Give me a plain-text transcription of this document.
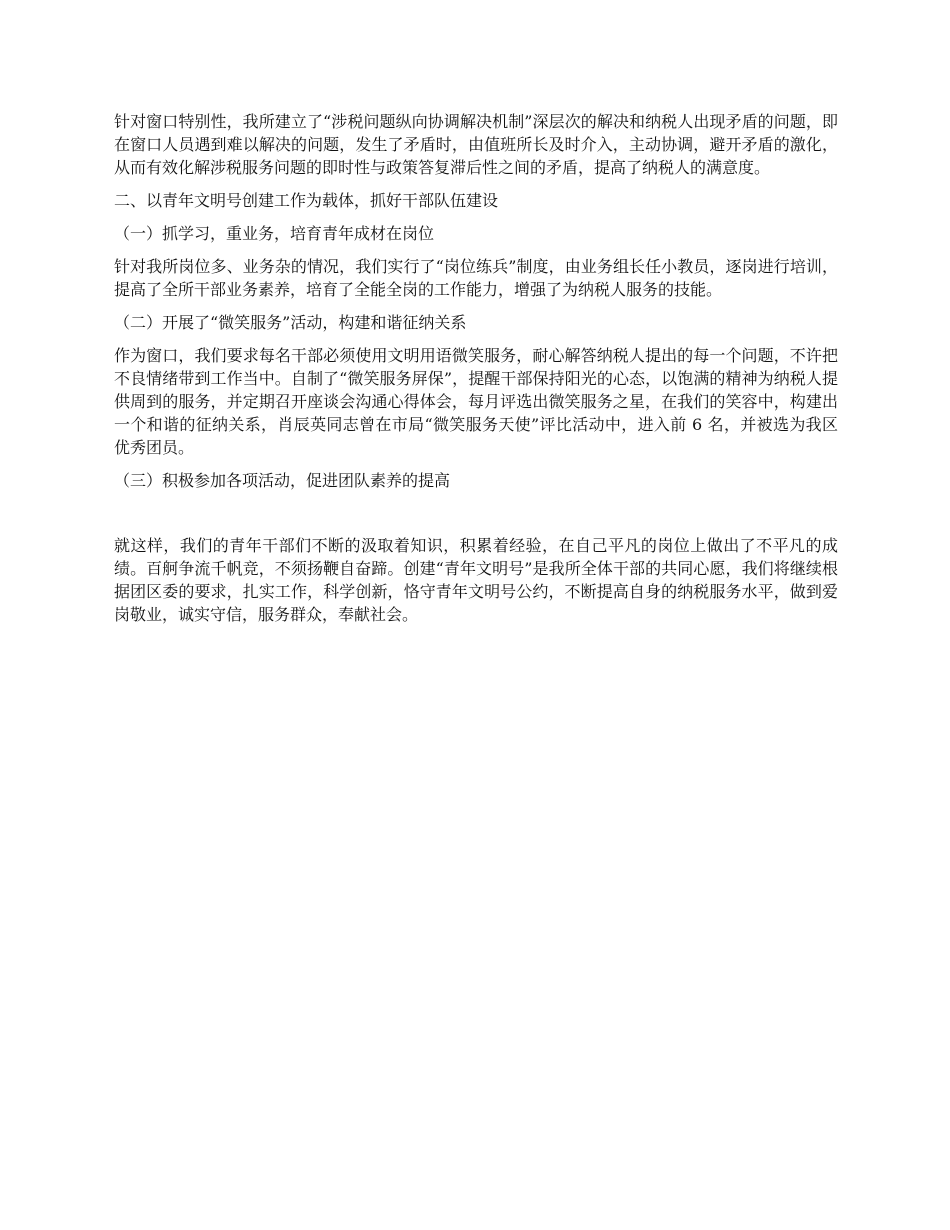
针对窗口特别性，我所建立了“涉税问题纵向协调解决机制”深层次的解决和纳税人出现矛盾的问题，即在窗口人员遇到难以解决的问题，发生了矛盾时，由值班所长及时介入，主动协调，避开矛盾的激化，从而有效化解涉税服务问题的即时性与政策答复滞后性之间的矛盾，提高了纳税人的满意度。

二、以青年文明号创建工作为载体，抓好干部队伍建设

（一）抓学习，重业务，培育青年成材在岗位

针对我所岗位多、业务杂的情况，我们实行了“岗位练兵”制度，由业务组长任小教员，逐岗进行培训，提高了全所干部业务素养，培育了全能全岗的工作能力，增强了为纳税人服务的技能。

（二）开展了“微笑服务”活动，构建和谐征纳关系

作为窗口，我们要求每名干部必须使用文明用语微笑服务，耐心解答纳税人提出的每一个问题，不许把不良情绪带到工作当中。自制了“微笑服务屏保”，提醒干部保持阳光的心态，以饱满的精神为纳税人提供周到的服务，并定期召开座谈会沟通心得体会，每月评选出微笑服务之星，在我们的笑容中，构建出一个和谐的征纳关系，肖辰英同志曾在市局“微笑服务天使”评比活动中，进入前 6 名，并被选为我区优秀团员。

（三）积极参加各项活动，促进团队素养的提高

就这样，我们的青年干部们不断的汲取着知识，积累着经验，在自己平凡的岗位上做出了不平凡的成绩。百舸争流千帆竞，不须扬鞭自奋蹄。创建“青年文明号”是我所全体干部的共同心愿，我们将继续根据团区委的要求，扎实工作，科学创新，恪守青年文明号公约，不断提高自身的纳税服务水平，做到爱岗敬业，诚实守信，服务群众，奉献社会。
